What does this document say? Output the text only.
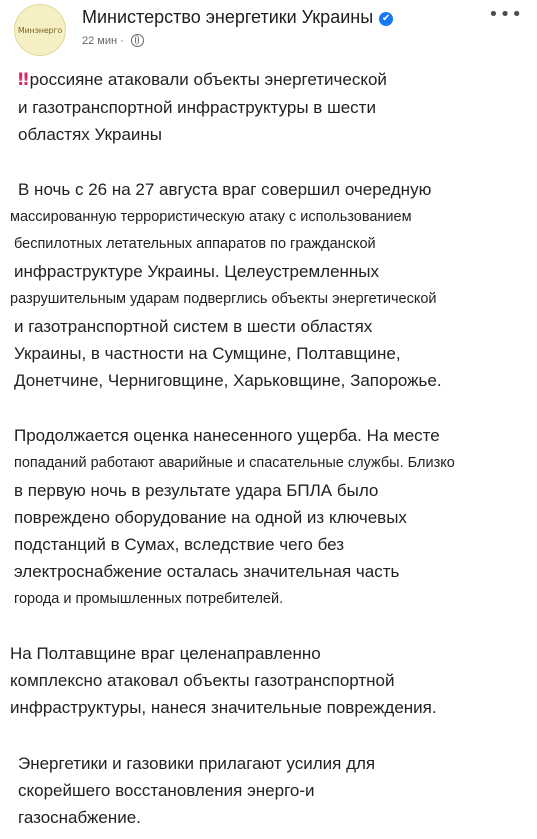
Минэнерго
Министерство энергетики Украины ✔
22 мин ·
•••
‼россияне атаковали объекты энергетической
и газотранспортной инфраструктуры в шести
областях Украины
В ночь с 26 на 27 августа враг совершил очередную
массированную террористическую атаку с использованием
беспилотных летательных аппаратов по гражданской
инфраструктуре Украины. Целеустремленных
разрушительным ударам подверглись объекты энергетической
и газотранспортной систем в шести областях
Украины, в частности на Сумщине, Полтавщине,
Донетчине, Черниговщине, Харьковщине, Запорожье.
Продолжается оценка нанесенного ущерба. На месте
попаданий работают аварийные и спасательные службы. Близко
в первую ночь в результате удара БПЛА было
повреждено оборудование на одной из ключевых
подстанций в Сумах, вследствие чего без
электроснабжение осталась значительная часть
города и промышленных потребителей.
На Полтавщине враг целенаправленно
комплексно атаковал объекты газотранспортной
инфраструктуры, нанеся значительные повреждения.
Энергетики и газовики прилагают усилия для
скорейшего восстановления энерго-и
газоснабжение.
